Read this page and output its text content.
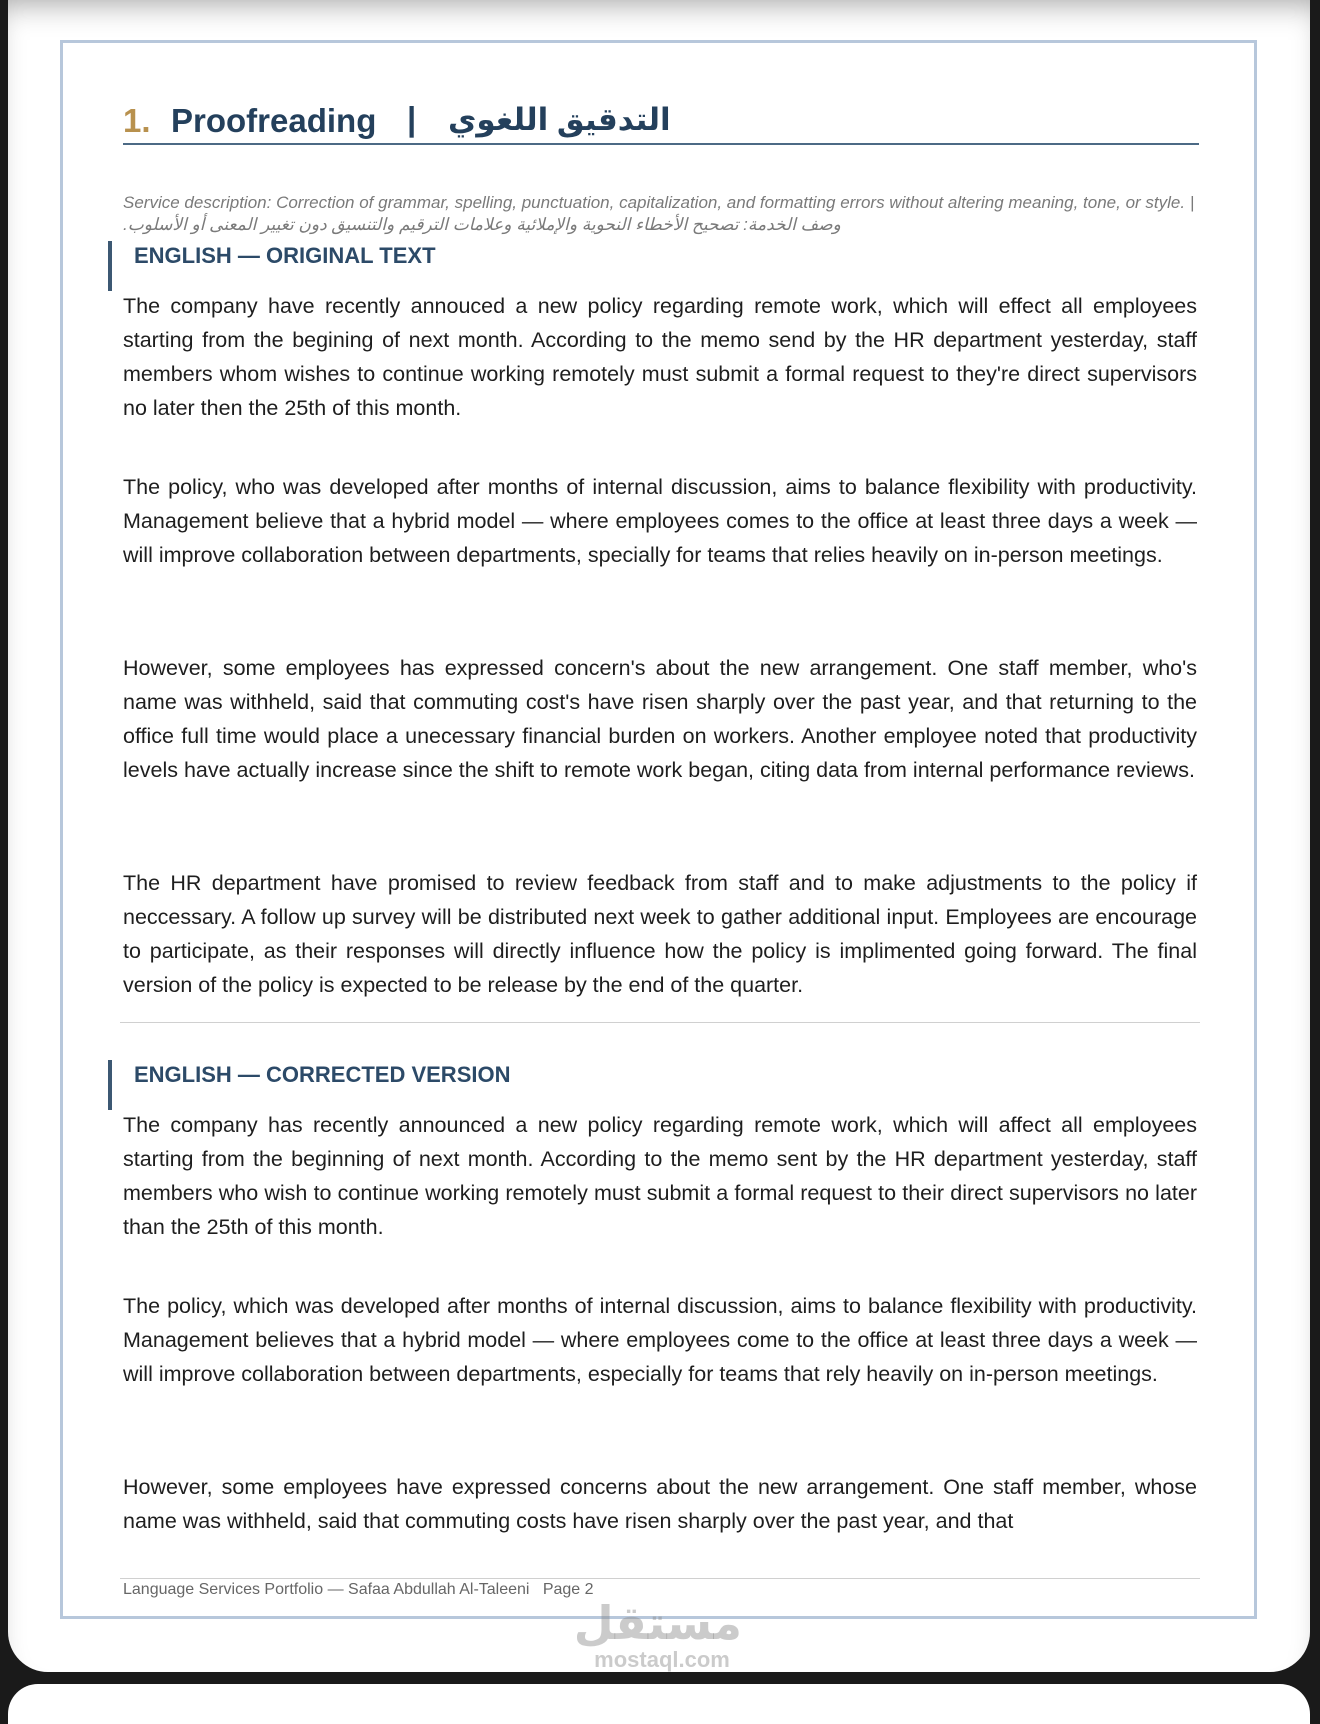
1. Proofreading | التدقيق اللغوي
Service description: Correction of grammar, spelling, punctuation, capitalization, and formatting errors without altering meaning, tone, or style. | وصف الخدمة: تصحيح الأخطاء النحوية والإملائية وعلامات الترقيم والتنسيق دون تغيير المعنى أو الأسلوب.
ENGLISH — ORIGINAL TEXT

The company have recently annouced a new policy regarding remote work, which will effect all employees starting from the begining of next month. According to the memo send by the HR department yesterday, staff members whom wishes to continue working remotely must submit a formal request to they're direct supervisors no later then the 25th of this month.

The policy, who was developed after months of internal discussion, aims to balance flexibility with productivity. Management believe that a hybrid model — where employees comes to the office at least three days a week — will improve collaboration between departments, specially for teams that relies heavily on in-person meetings.

However, some employees has expressed concern's about the new arrangement. One staff member, who's name was withheld, said that commuting cost's have risen sharply over the past year, and that returning to the office full time would place a unecessary financial burden on workers. Another employee noted that productivity levels have actually increase since the shift to remote work began, citing data from internal performance reviews.

The HR department have promised to review feedback from staff and to make adjustments to the policy if neccessary. A follow up survey will be distributed next week to gather additional input. Employees are encourage to participate, as their responses will directly influence how the policy is implimented going forward. The final version of the policy is expected to be release by the end of the quarter.

ENGLISH — CORRECTED VERSION

The company has recently announced a new policy regarding remote work, which will affect all employees starting from the beginning of next month. According to the memo sent by the HR department yesterday, staff members who wish to continue working remotely must submit a formal request to their direct supervisors no later than the 25th of this month.

The policy, which was developed after months of internal discussion, aims to balance flexibility with productivity. Management believes that a hybrid model — where employees come to the office at least three days a week — will improve collaboration between departments, especially for teams that rely heavily on in-person meetings.

However, some employees have expressed concerns about the new arrangement. One staff member, whose name was withheld, said that commuting costs have risen sharply over the past year, and that

Language Services Portfolio — Safaa Abdullah Al-Taleeni   Page 2
مستقل
mostaql.com
